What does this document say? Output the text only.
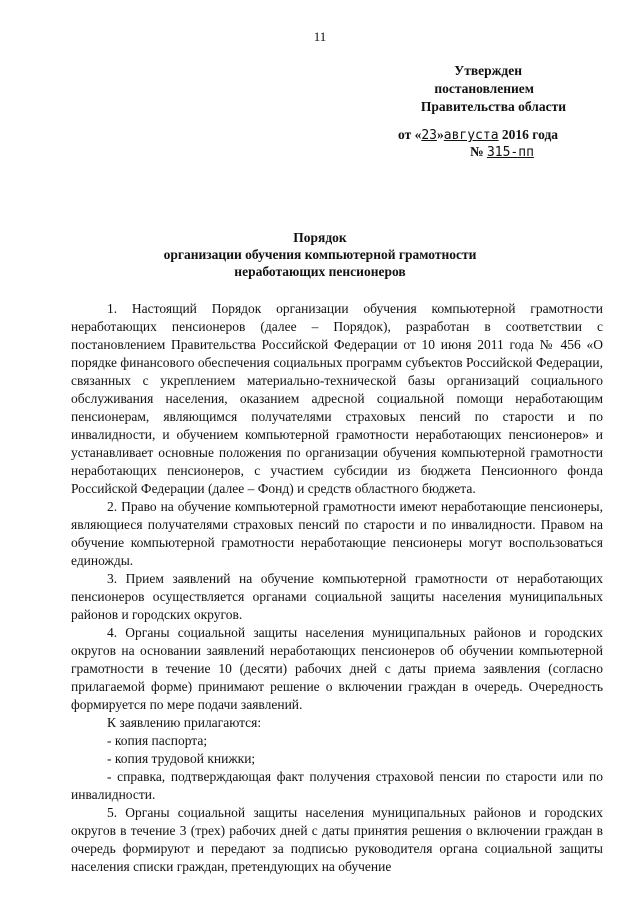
11
Утвержден
постановлением
Правительства области
от «23»августа 2016 года
№ 315-пп
Порядок
организации обучения компьютерной грамотности
неработающих пенсионеров

1. Настоящий Порядок организации обучения компьютерной грамотности неработающих пенсионеров (далее – Порядок), разработан в соответствии с постановлением Правительства Российской Федерации от 10 июня 2011 года № 456 «О порядке финансового обеспечения социальных программ субъектов Российской Федерации, связанных с укреплением материально-технической базы организаций социального обслуживания населения, оказанием адресной социальной помощи неработающим пенсионерам, являющимся получателями страховых пенсий по старости и по инвалидности, и обучением компьютерной грамотности неработающих пенсионеров» и устанавливает основные положения по организации обучения компьютерной грамотности неработающих пенсионеров, с участием субсидии из бюджета Пенсионного фонда Российской Федерации (далее – Фонд) и средств областного бюджета.

2. Право на обучение компьютерной грамотности имеют неработающие пенсионеры, являющиеся получателями страховых пенсий по старости и по инвалидности. Правом на обучение компьютерной грамотности неработающие пенсионеры могут воспользоваться единожды.

3. Прием заявлений на обучение компьютерной грамотности от неработающих пенсионеров осуществляется органами социальной защиты населения муниципальных районов и городских округов.

4. Органы социальной защиты населения муниципальных районов и городских округов на основании заявлений неработающих пенсионеров об обучении компьютерной грамотности в течение 10 (десяти) рабочих дней с даты приема заявления (согласно прилагаемой форме) принимают решение о включении граждан в очередь. Очередность формируется по мере подачи заявлений.

К заявлению прилагаются:

- копия паспорта;

- копия трудовой книжки;

- справка, подтверждающая факт получения страховой пенсии по старости или по инвалидности.

5. Органы социальной защиты населения муниципальных районов и городских округов в течение 3 (трех) рабочих дней с даты принятия решения о включении граждан в очередь формируют и передают за подписью руководителя органа социальной защиты населения списки граждан, претендующих на обучение
